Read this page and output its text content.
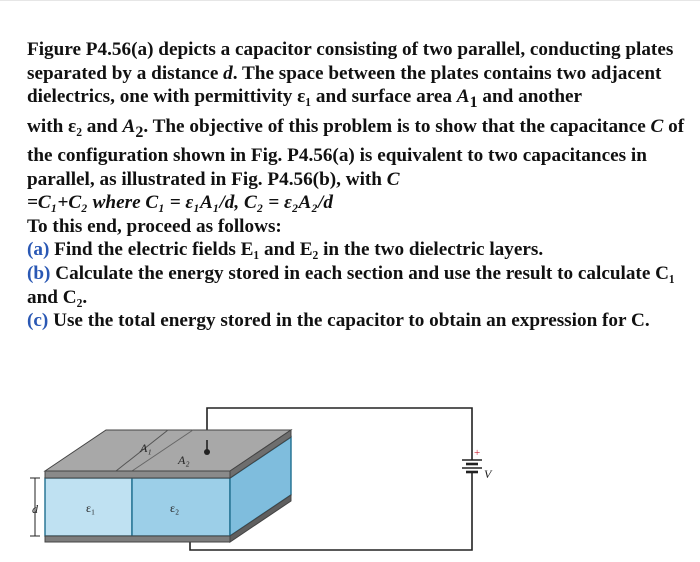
Figure P4.56(a) depicts a capacitor consisting of two parallel, conducting plates separated by a distance d. The space between the plates contains two adjacent dielectrics, one with permittivity ε₁ and surface area $A_1$ and another

with ε₂ and $A_2$. The objective of this problem is to show that the capacitance C of the configuration shown in Fig. P4.56(a) is equivalent to two capacitances in parallel, as illustrated in Fig. P4.56(b), with C

=C₁+C₂ where C₁ = ε₁A₁/d, C₂ = ε₂A₂/d

To this end, proceed as follows:

(a) Find the electric fields E₁ and E₂ in the two dielectric layers.

(b) Calculate the energy stored in each section and use the result to calculate C₁ and C₂.

(c) Use the total energy stored in the capacitor to obtain an expression for C.

+
V
d
A₁
A₂
ε₁	ε₂
